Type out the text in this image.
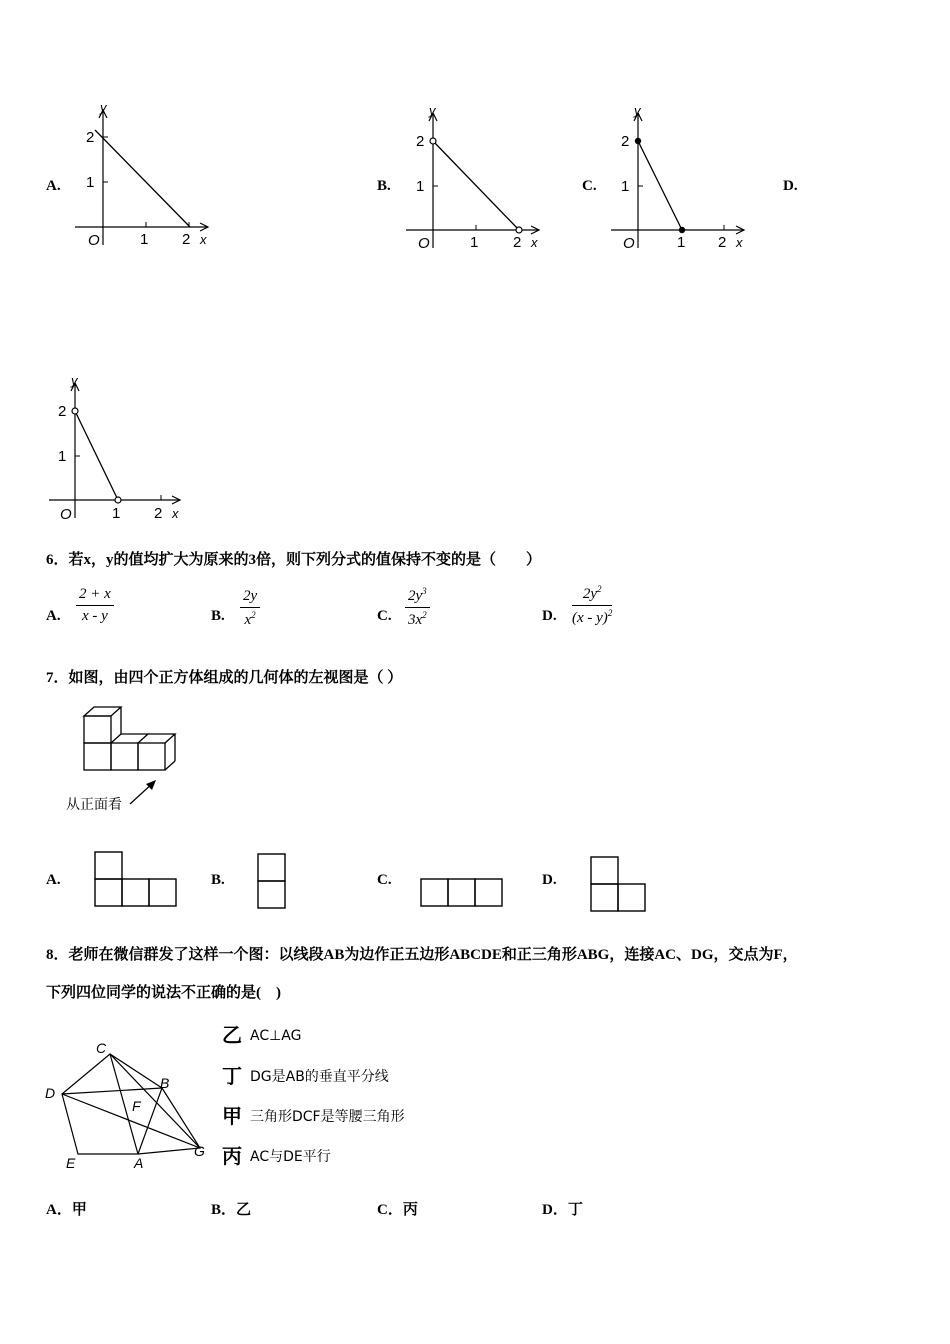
A.
y
2
1
O	1 2 x
B.
y
2
1
O	1 2 x
C.
y
2
1
O	1 2 x
D.
y
2
1
O	1 2 x
6．若x，y的值均扩大为原来的3倍，则下列分式的值保持不变的是（　　）
A. $\frac{2 + x}{x - y}$	B. $\frac{2y}{x^2}$	C. $\frac{2y^3}{3x^2}$	D. $\frac{2y^2}{(x - y)^2}$
7．如图，由四个正方体组成的几何体的左视图是（ ）
从正面看
A.	B.	C.	D.
8．老师在微信群发了这样一个图：以线段AB为边作正五边形ABCDE和正三角形ABG，连接AC、DG，交点为F，
下列四位同学的说法不正确的是(　)
C
B
D
F
E	A
G
乙 AC⊥AG
丁 DG是AB的垂直平分线
甲 三角形DCF是等腰三角形
丙 AC与DE平行
A．甲	B．乙	C．丙	D．丁
